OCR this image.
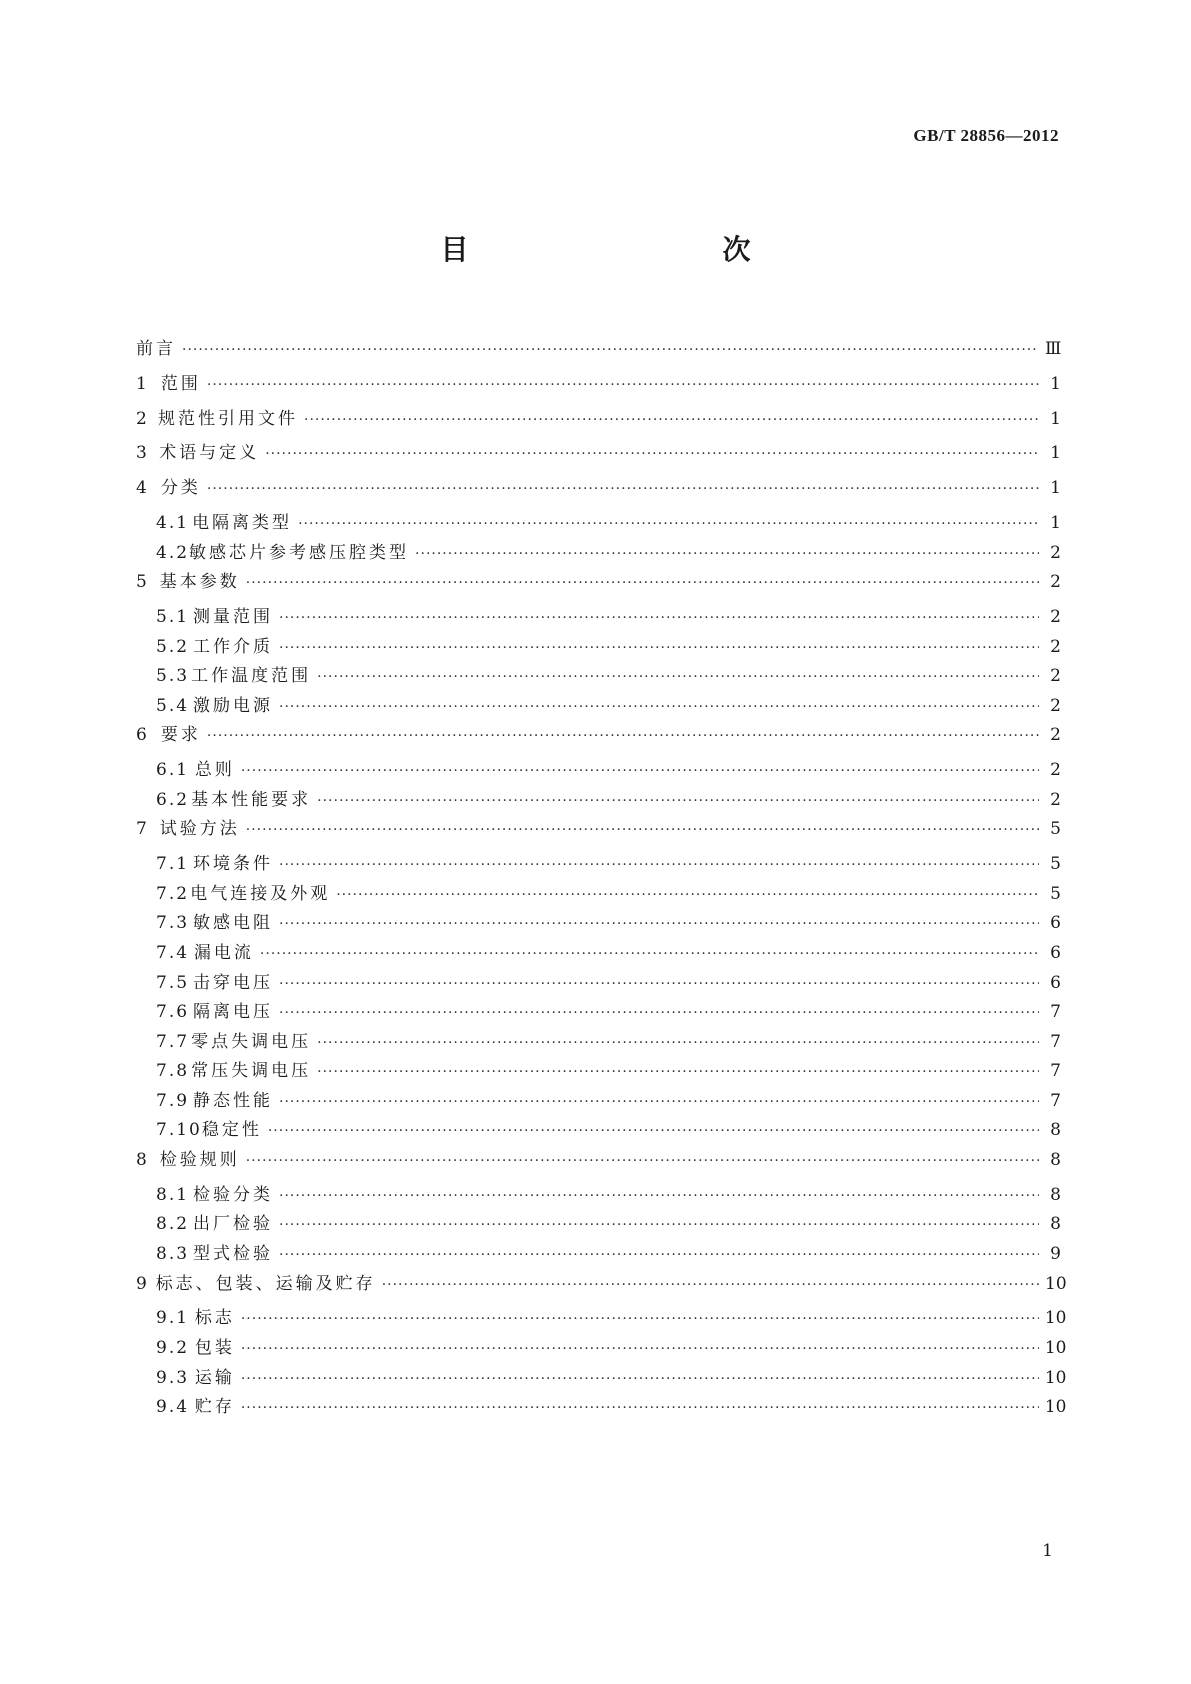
GB/T 28856—2012
目　　次
前言 ·····	Ⅲ
1 范围 ·····	1
2 规范性引用文件 ·····	1
3 术语与定义 ·····	1
4 分类 ·····	1
4.1 电隔离类型 ·····	1
4.2 敏感芯片参考感压腔类型 ·····	2
5 基本参数 ·····	2
5.1 测量范围 ·····	2
5.2 工作介质 ·····	2
5.3 工作温度范围 ·····	2
5.4 激励电源 ·····	2
6 要求 ·····	2
6.1 总则 ·····	2
6.2 基本性能要求 ·····	2
7 试验方法 ·····	5
7.1 环境条件 ·····	5
7.2 电气连接及外观 ·····	5
7.3 敏感电阻 ·····	6
7.4 漏电流 ·····	6
7.5 击穿电压 ·····	6
7.6 隔离电压 ·····	7
7.7 零点失调电压 ·····	7
7.8 常压失调电压 ·····	7
7.9 静态性能 ·····	7
7.10 稳定性 ·····	8
8 检验规则 ·····	8
8.1 检验分类 ·····	8
8.2 出厂检验 ·····	8
8.3 型式检验 ·····	9
9 标志、包装、运输及贮存 ·····	10
9.1 标志 ·····	10
9.2 包装 ·····	10
9.3 运输 ·····	10
9.4 贮存 ·····	10
1
